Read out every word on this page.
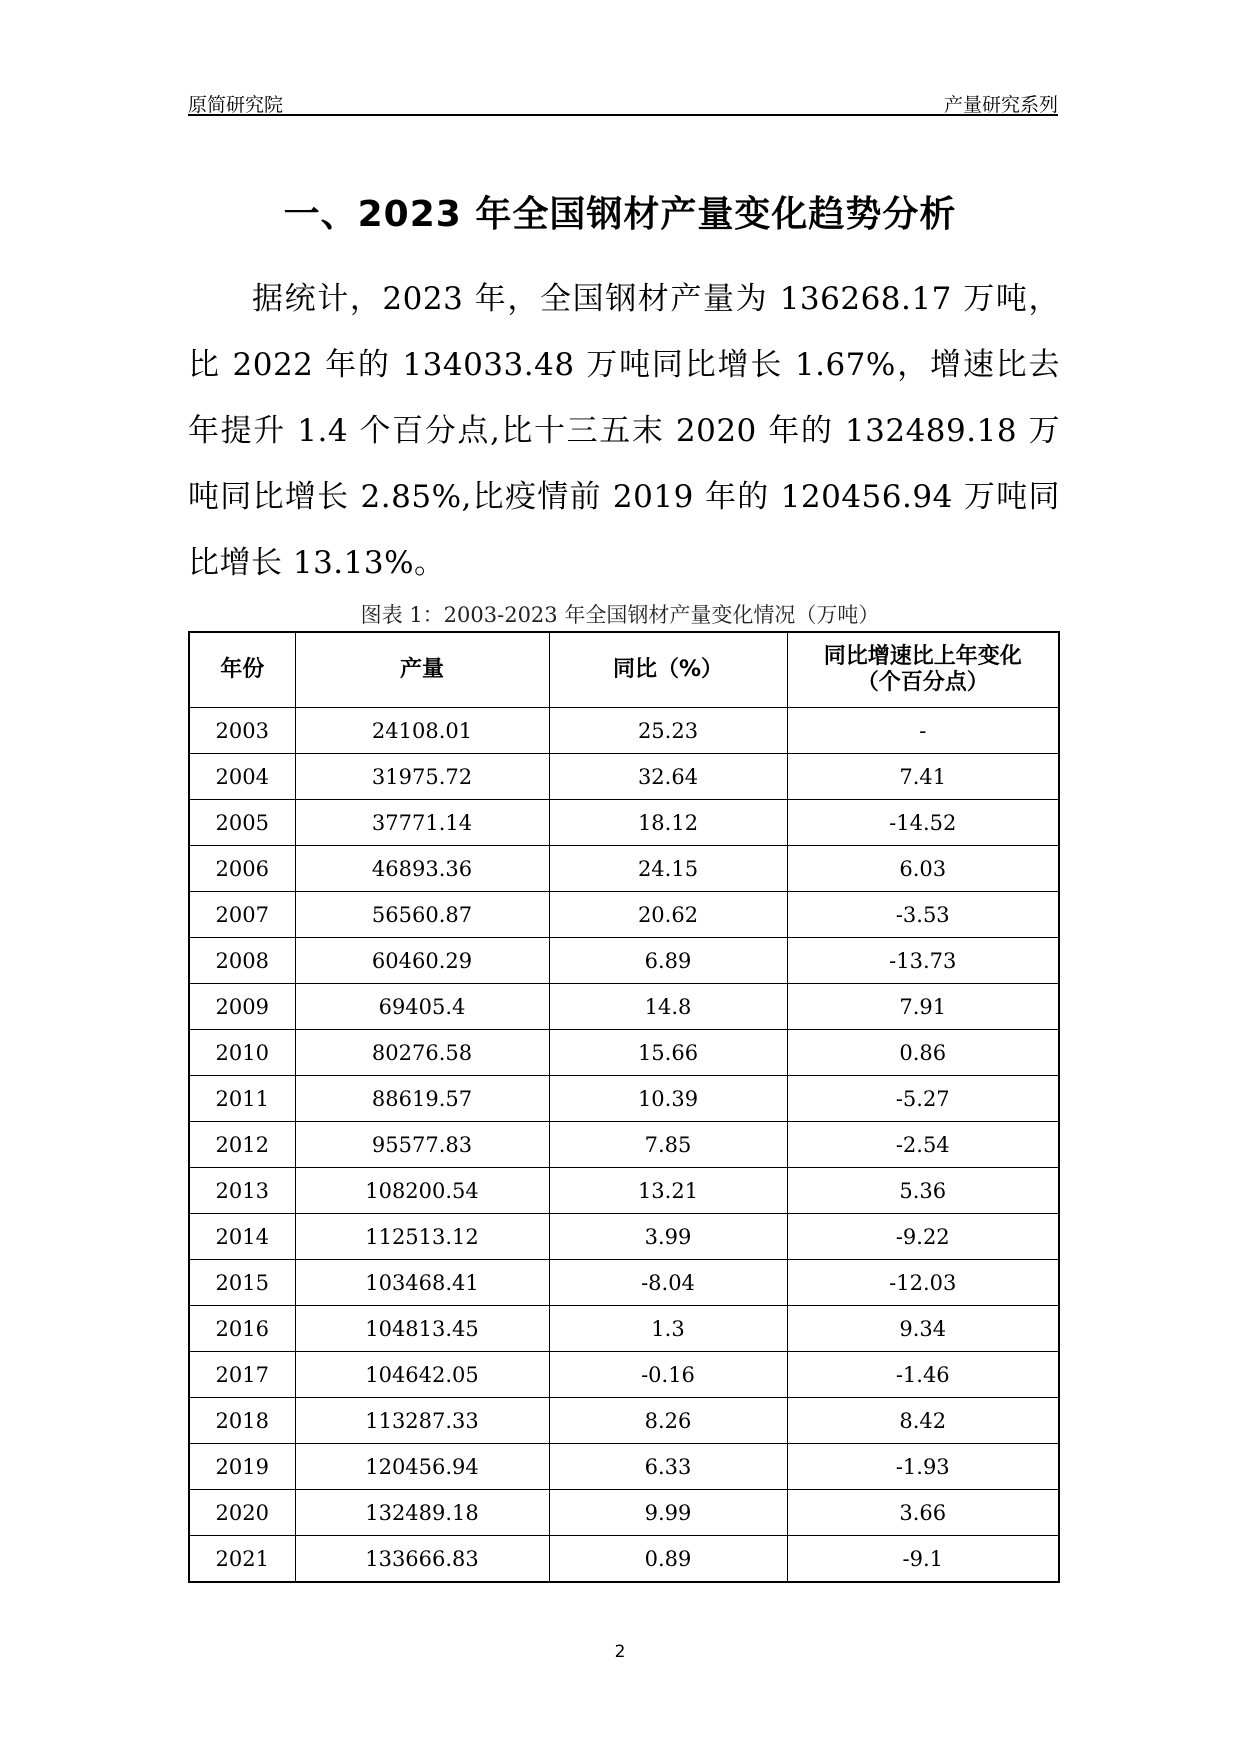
原简研究院	产量研究系列
一、2023 年全国钢材产量变化趋势分析
据统计，2023 年，全国钢材产量为 136268.17 万吨，比 2022 年的 134033.48 万吨同比增长 1.67%，增速比去年提升 1.4 个百分点,比十三五末 2020 年的 132489.18 万吨同比增长 2.85%,比疫情前 2019 年的 120456.94 万吨同比增长 13.13%。
图表 1：2003-2023 年全国钢材产量变化情况（万吨）
年份	产量	同比（%）	同比增速比上年变化
（个百分点）
2003	24108.01	25.23	-
2004	31975.72	32.64	7.41
2005	37771.14	18.12	-14.52
2006	46893.36	24.15	6.03
2007	56560.87	20.62	-3.53
2008	60460.29	6.89	-13.73
2009	69405.4	14.8	7.91
2010	80276.58	15.66	0.86
2011	88619.57	10.39	-5.27
2012	95577.83	7.85	-2.54
2013	108200.54	13.21	5.36
2014	112513.12	3.99	-9.22
2015	103468.41	-8.04	-12.03
2016	104813.45	1.3	9.34
2017	104642.05	-0.16	-1.46
2018	113287.33	8.26	8.42
2019	120456.94	6.33	-1.93
2020	132489.18	9.99	3.66
2021	133666.83	0.89	-9.1
2
